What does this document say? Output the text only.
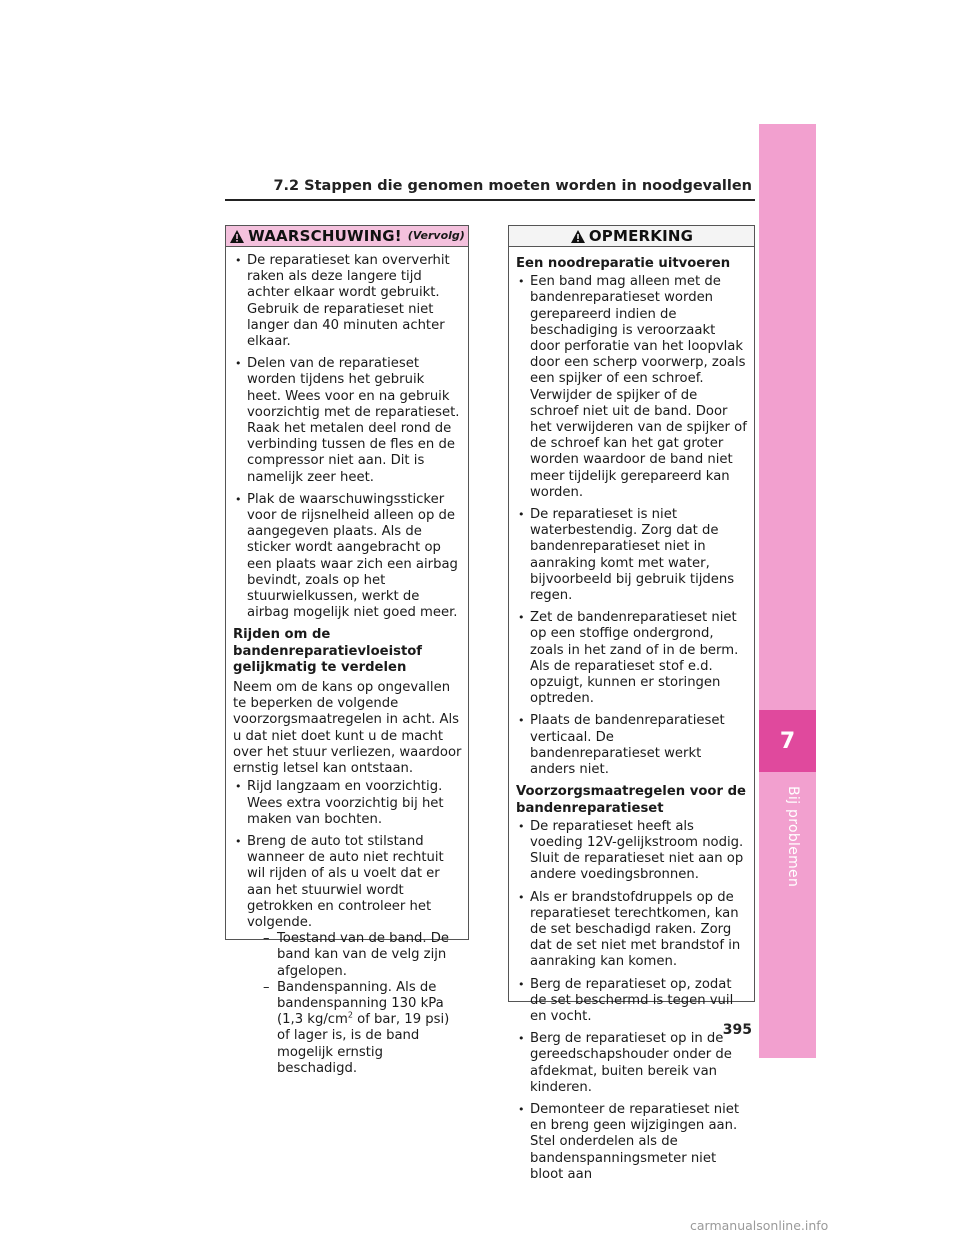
7.2 Stappen die genomen moeten worden in noodgevallen
7
Bij problemen
WAARSCHUWING! (Vervolg)
• De reparatieset kan oververhit raken als deze langere tijd achter elkaar wordt gebruikt. Gebruik de reparatieset niet langer dan 40 minuten achter elkaar.
• Delen van de reparatieset worden tijdens het gebruik heet. Wees voor en na gebruik voorzichtig met de reparatieset. Raak het metalen deel rond de verbinding tussen de fles en de compressor niet aan. Dit is namelijk zeer heet.
• Plak de waarschuwingssticker voor de rijsnelheid alleen op de aangegeven plaats. Als de sticker wordt aangebracht op een plaats waar zich een airbag bevindt, zoals op het stuurwielkussen, werkt de airbag mogelijk niet goed meer.

Rijden om de bandenreparatievloeistof gelijkmatig te verdelen

Neem om de kans op ongevallen te beperken de volgende voorzorgsmaatregelen in acht. Als u dat niet doet kunt u de macht over het stuur verliezen, waardoor ernstig letsel kan ontstaan.

• Rijd langzaam en voorzichtig. Wees extra voorzichtig bij het maken van bochten.
• Breng de auto tot stilstand wanneer de auto niet rechtuit wil rijden of als u voelt dat er aan het stuurwiel wordt getrokken en controleer het volgende.
– Toestand van de band. De band kan van de velg zijn afgelopen.
– Bandenspanning. Als de bandenspanning 130 kPa (1,3 $kg/cm^2$ of bar, 19 psi) of lager is, is de band mogelijk ernstig beschadigd.
OPMERKING

Een noodreparatie uitvoeren

• Een band mag alleen met de bandenreparatieset worden gerepareerd indien de beschadiging is veroorzaakt door perforatie van het loopvlak door een scherp voorwerp, zoals een spijker of een schroef. Verwijder de spijker of de schroef niet uit de band. Door het verwijderen van de spijker of de schroef kan het gat groter worden waardoor de band niet meer tijdelijk gerepareerd kan worden.
• De reparatieset is niet waterbestendig. Zorg dat de bandenreparatieset niet in aanraking komt met water, bijvoorbeeld bij gebruik tijdens regen.
• Zet de bandenreparatieset niet op een stoffige ondergrond, zoals in het zand of in de berm. Als de reparatieset stof e.d. opzuigt, kunnen er storingen optreden.
• Plaats de bandenreparatieset verticaal. De bandenreparatieset werkt anders niet.

Voorzorgsmaatregelen voor de bandenreparatieset

• De reparatieset heeft als voeding 12V-gelijkstroom nodig. Sluit de reparatieset niet aan op andere voedingsbronnen.
• Als er brandstofdruppels op de reparatieset terechtkomen, kan de set beschadigd raken. Zorg dat de set niet met brandstof in aanraking kan komen.
• Berg de reparatieset op, zodat de set beschermd is tegen vuil en vocht.
• Berg de reparatieset op in de gereedschapshouder onder de afdekmat, buiten bereik van kinderen.
• Demonteer de reparatieset niet en breng geen wijzigingen aan. Stel onderdelen als de bandenspanningsmeter niet bloot aan
395
carmanualsonline.info
